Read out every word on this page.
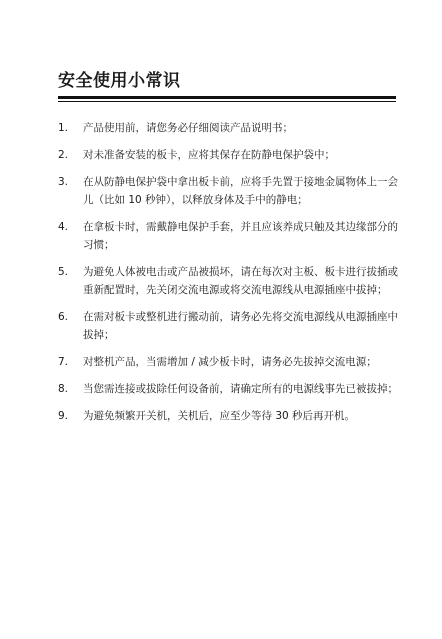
安全使用小常识
1.	产品使用前，请您务必仔细阅读产品说明书；
2.	对未准备安装的板卡，应将其保存在防静电保护袋中；
3.	在从防静电保护袋中拿出板卡前，应将手先置于接地金属物体上一会儿（比如 10 秒钟），以释放身体及手中的静电；
4.	在拿板卡时，需戴静电保护手套，并且应该养成只触及其边缘部分的习惯；
5.	为避免人体被电击或产品被损坏，请在每次对主板、板卡进行拔插或重新配置时，先关闭交流电源或将交流电源线从电源插座中拔掉；
6.	在需对板卡或整机进行搬动前，请务必先将交流电源线从电源插座中拔掉；
7.	对整机产品，当需增加 / 减少板卡时，请务必先拔掉交流电源；
8.	当您需连接或拔除任何设备前，请确定所有的电源线事先已被拔掉；
9.	为避免频繁开关机，关机后，应至少等待 30 秒后再开机。
